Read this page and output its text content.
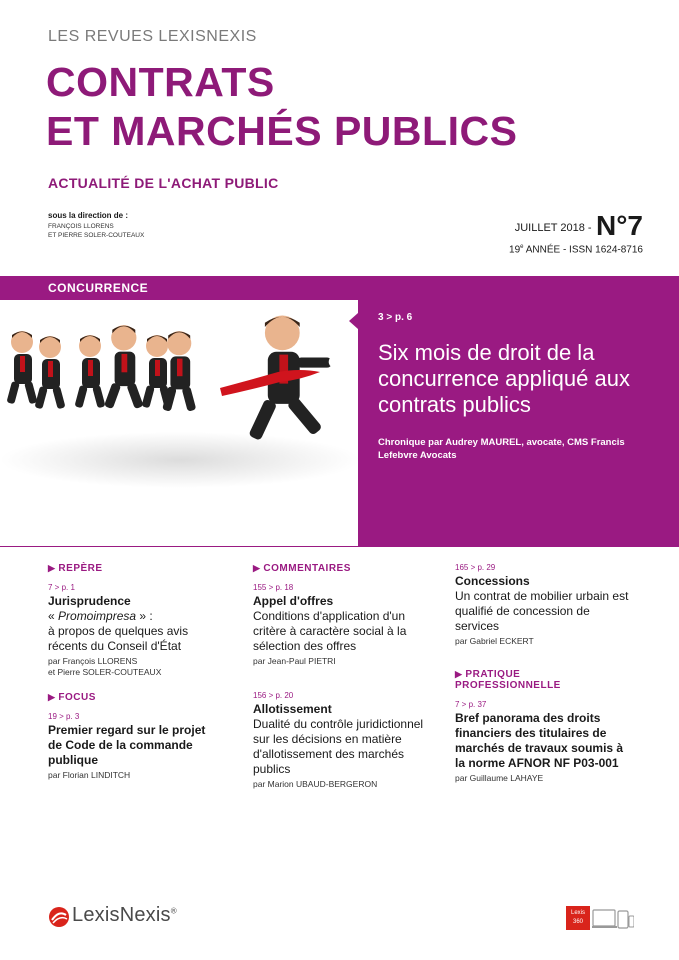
LES REVUES LEXISNEXIS
CONTRATS
ET MARCHÉS PUBLICS
ACTUALITÉ DE L'ACHAT PUBLIC
sous la direction de :
FRANÇOIS LLORENS
ET PIERRE SOLER-COUTEAUX
$^{JUILLET 2018 -}$ N°7
19e ANNÉE - ISSN 1624-8716
CONCURRENCE
3 > p. 6
Six mois de droit de la concurrence appliqué aux contrats publics
Chronique par Audrey MAUREL, avocate, CMS Francis Lefebvre Avocats
▶ REPÈRE
7 > p. 1
Jurisprudence
« Promoimpresa » :
à propos de quelques avis récents du Conseil d'État
par François LLORENS
et Pierre SOLER-COUTEAUX
▶ FOCUS
19 > p. 3
Premier regard sur le projet de Code de la commande publique
par Florian LINDITCH
▶ COMMENTAIRES
155 > p. 18
Appel d'offres
Conditions d'application d'un critère à caractère social à la sélection des offres
par Jean-Paul PIETRI
156 > p. 20
Allotissement
Dualité du contrôle juridictionnel sur les décisions en matière d'allotissement des marchés publics
par Marion UBAUD-BERGERON
165 > p. 29
Concessions
Un contrat de mobilier urbain est qualifié de concession de services
par Gabriel ECKERT
▶ PRATIQUE
PROFESSIONNELLE
7 > p. 37
Bref panorama des droits financiers des titulaires de marchés de travaux soumis à la norme AFNOR NF P03-001
par Guillaume LAHAYE
LexisNexis®	Lexis
360
